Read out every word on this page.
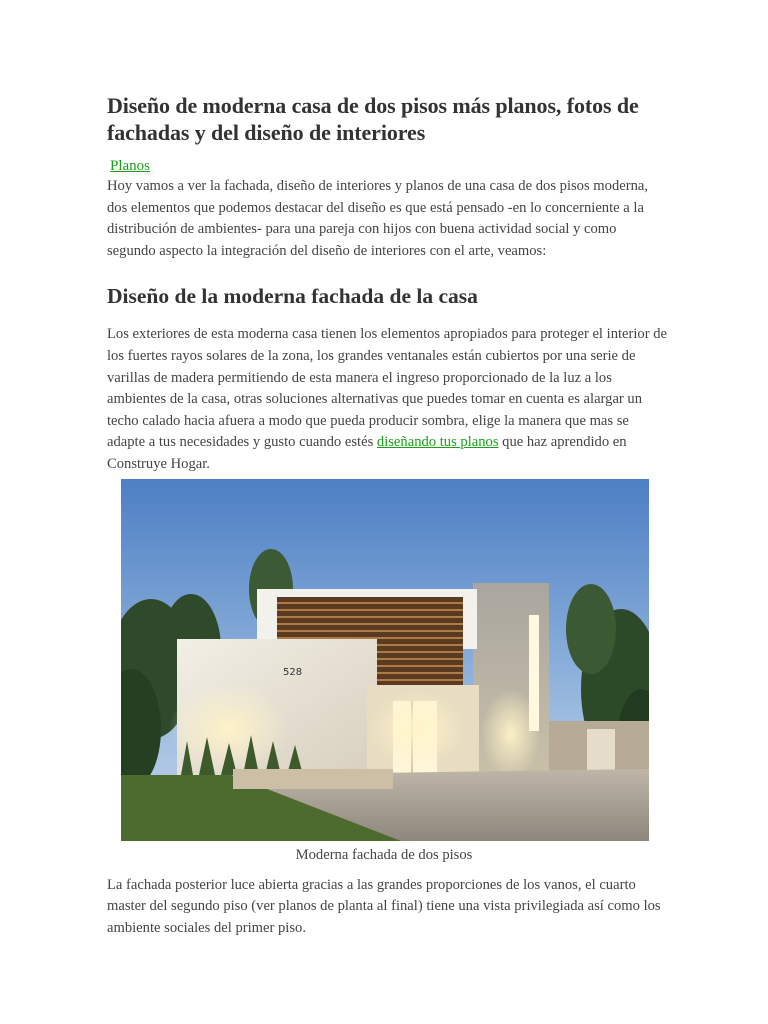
Diseño de moderna casa de dos pisos más planos, fotos de fachadas y del diseño de interiores
Planos

Hoy vamos a ver la fachada, diseño de interiores y planos de una casa de dos pisos moderna, dos elementos que podemos destacar del diseño es que está pensado -en lo concerniente a la distribución de ambientes- para una pareja con hijos con buena actividad social y como segundo aspecto la integración del diseño de interiores con el arte, veamos:

Diseño de la moderna fachada de la casa

Los exteriores de esta moderna casa tienen los elementos apropiados para proteger el interior de los fuertes rayos solares de la zona, los grandes ventanales están cubiertos por una serie de varillas de madera permitiendo de esta manera el ingreso proporcionado de la luz a los ambientes de la casa, otras soluciones alternativas que puedes tomar en cuenta es alargar un techo calado hacia afuera a modo que pueda producir sombra, elige la manera que mas se adapte a tus necesidades y gusto cuando estés diseñando tus planos que haz aprendido en Construye Hogar.

528
Moderna fachada de dos pisos

La fachada posterior luce abierta gracias a las grandes proporciones de los vanos, el cuarto master del segundo piso (ver planos de planta al final) tiene una vista privilegiada así como los ambiente sociales del primer piso.
